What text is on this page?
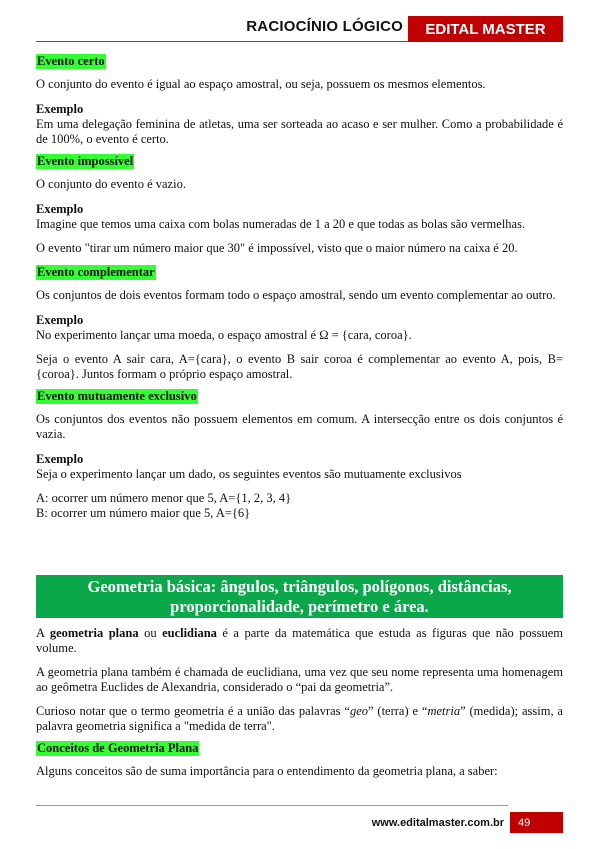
RACIOCÍNIO LÓGICO	EDITAL MASTER
Evento certo

O conjunto do evento é igual ao espaço amostral, ou seja, possuem os mesmos elementos.

Exemplo

Em uma delegação feminina de atletas, uma ser sorteada ao acaso e ser mulher. Como a probabilidade é de 100%, o evento é certo.

Evento impossível

O conjunto do evento é vazio.

Exemplo

Imagine que temos uma caixa com bolas numeradas de 1 a 20 e que todas as bolas são vermelhas.

O evento "tirar um número maior que 30" é impossível, visto que o maior número na caixa é 20.

Evento complementar

Os conjuntos de dois eventos formam todo o espaço amostral, sendo um evento complementar ao outro.

Exemplo

No experimento lançar uma moeda, o espaço amostral é Ω = {cara, coroa}.

Seja o evento A sair cara, A={cara}, o evento B sair coroa é complementar ao evento A, pois, B={coroa}. Juntos formam o próprio espaço amostral.

Evento mutuamente exclusivo

Os conjuntos dos eventos não possuem elementos em comum. A intersecção entre os dois conjuntos é vazia.

Exemplo

Seja o experimento lançar um dado, os seguintes eventos são mutuamente exclusivos

A: ocorrer um número menor que 5, A={1, 2, 3, 4}

B: ocorrer um número maior que 5, A={6}

Geometria básica: ângulos, triângulos, polígonos, distâncias,
proporcionalidade, perímetro e área.

A geometria plana ou euclidiana é a parte da matemática que estuda as figuras que não possuem volume.

A geometria plana também é chamada de euclidiana, uma vez que seu nome representa uma homenagem ao geômetra Euclides de Alexandria, considerado o “pai da geometria”.

Curioso notar que o termo geometria é a união das palavras “geo” (terra) e “metria” (medida); assim, a palavra geometria significa a "medida de terra".

Conceitos de Geometria Plana

Alguns conceitos são de suma importância para o entendimento da geometria plana, a saber:

www.editalmaster.com.br	49
